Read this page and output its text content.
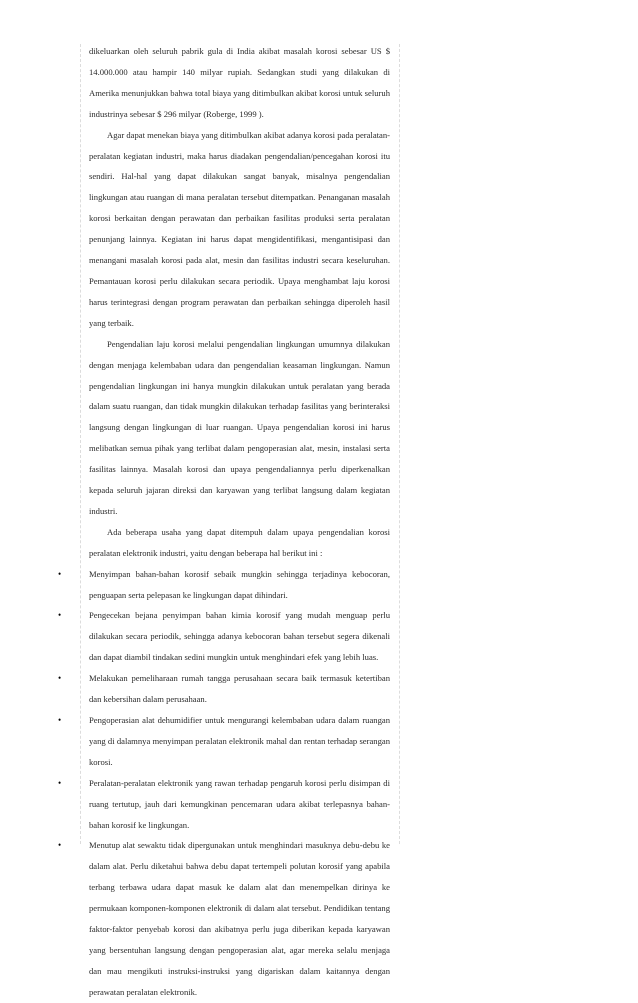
dikeluarkan oleh seluruh pabrik gula di India akibat masalah korosi sebesar US $ 14.000.000 atau hampir 140 milyar rupiah. Sedangkan studi yang dilakukan di Amerika menunjukkan bahwa total biaya yang ditimbulkan akibat korosi untuk seluruh industrinya sebesar $ 296 milyar (Roberge, 1999 ).

Agar dapat menekan biaya yang ditimbulkan akibat adanya korosi pada peralatan-peralatan kegiatan industri, maka harus diadakan pengendalian/pencegahan korosi itu sendiri. Hal-hal yang dapat dilakukan sangat banyak, misalnya pengendalian lingkungan atau ruangan di mana peralatan tersebut ditempatkan. Penanganan masalah korosi berkaitan dengan perawatan dan perbaikan fasilitas produksi serta peralatan penunjang lainnya. Kegiatan ini harus dapat mengidentifikasi, mengantisipasi dan menangani masalah korosi pada alat, mesin dan fasilitas industri secara keseluruhan. Pemantauan korosi perlu dilakukan secara periodik. Upaya menghambat laju korosi harus terintegrasi dengan program perawatan dan perbaikan sehingga diperoleh hasil yang terbaik.

Pengendalian laju korosi melalui pengendalian lingkungan umumnya dilakukan dengan menjaga kelembaban udara dan pengendalian keasaman lingkungan. Namun pengendalian lingkungan ini hanya mungkin dilakukan untuk peralatan yang berada dalam suatu ruangan, dan tidak mungkin dilakukan terhadap fasilitas yang berinteraksi langsung dengan lingkungan di luar ruangan. Upaya pengendalian korosi ini harus melibatkan semua pihak yang terlibat dalam pengoperasian alat, mesin, instalasi serta fasilitas lainnya. Masalah korosi dan upaya pengendaliannya perlu diperkenalkan kepada seluruh jajaran direksi dan karyawan yang terlibat langsung dalam kegiatan industri.

Ada beberapa usaha yang dapat ditempuh dalam upaya pengendalian korosi peralatan elektronik industri, yaitu dengan beberapa hal berikut ini :

•	Menyimpan bahan-bahan korosif sebaik mungkin sehingga terjadinya kebocoran, penguapan serta pelepasan ke lingkungan dapat dihindari.
•	Pengecekan bejana penyimpan bahan kimia korosif yang mudah menguap perlu dilakukan secara periodik, sehingga adanya kebocoran bahan tersebut segera dikenali dan dapat diambil tindakan sedini mungkin untuk menghindari efek yang lebih luas.
•	Melakukan pemeliharaan rumah tangga perusahaan secara baik termasuk ketertiban dan kebersihan dalam perusahaan.
•	Pengoperasian alat dehumidifier untuk mengurangi kelembaban udara dalam ruangan yang di dalamnya menyimpan peralatan elektronik mahal dan rentan terhadap serangan korosi.
•	Peralatan-peralatan elektronik yang rawan terhadap pengaruh korosi perlu disimpan di ruang tertutup, jauh dari kemungkinan pencemaran udara akibat terlepasnya bahan-bahan korosif ke lingkungan.
•	Menutup alat sewaktu tidak dipergunakan untuk menghindari masuknya debu-debu ke dalam alat. Perlu diketahui bahwa debu dapat tertempeli polutan korosif yang apabila terbang terbawa udara dapat masuk ke dalam alat dan menempelkan dirinya ke permukaan komponen-komponen elektronik di dalam alat tersebut. Pendidikan tentang faktor-faktor penyebab korosi dan akibatnya perlu juga diberikan kepada karyawan yang bersentuhan langsung dengan pengoperasian alat, agar mereka selalu menjaga dan mau mengikuti instruksi-instruksi yang digariskan dalam kaitannya dengan perawatan peralatan elektronik.
